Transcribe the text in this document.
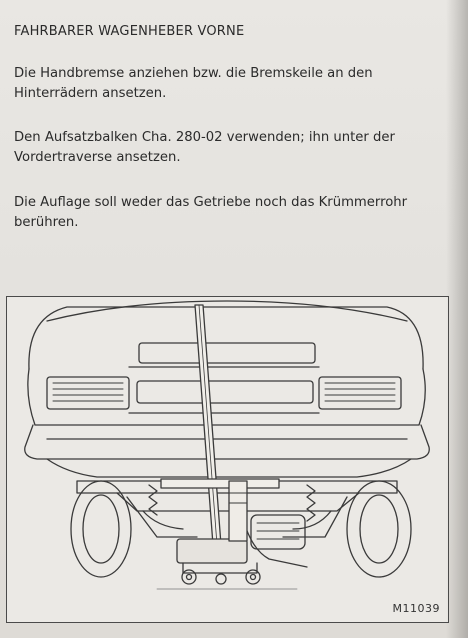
FAHRBARER WAGENHEBER VORNE

Die Handbremse anziehen bzw. die Bremskeile an den Hinterrädern ansetzen.

Den Aufsatzbalken Cha. 280-02 verwenden; ihn unter der Vordertraverse ansetzen.

Die Auflage soll weder das Getriebe noch das Krümmerrohr berühren.

M11039
